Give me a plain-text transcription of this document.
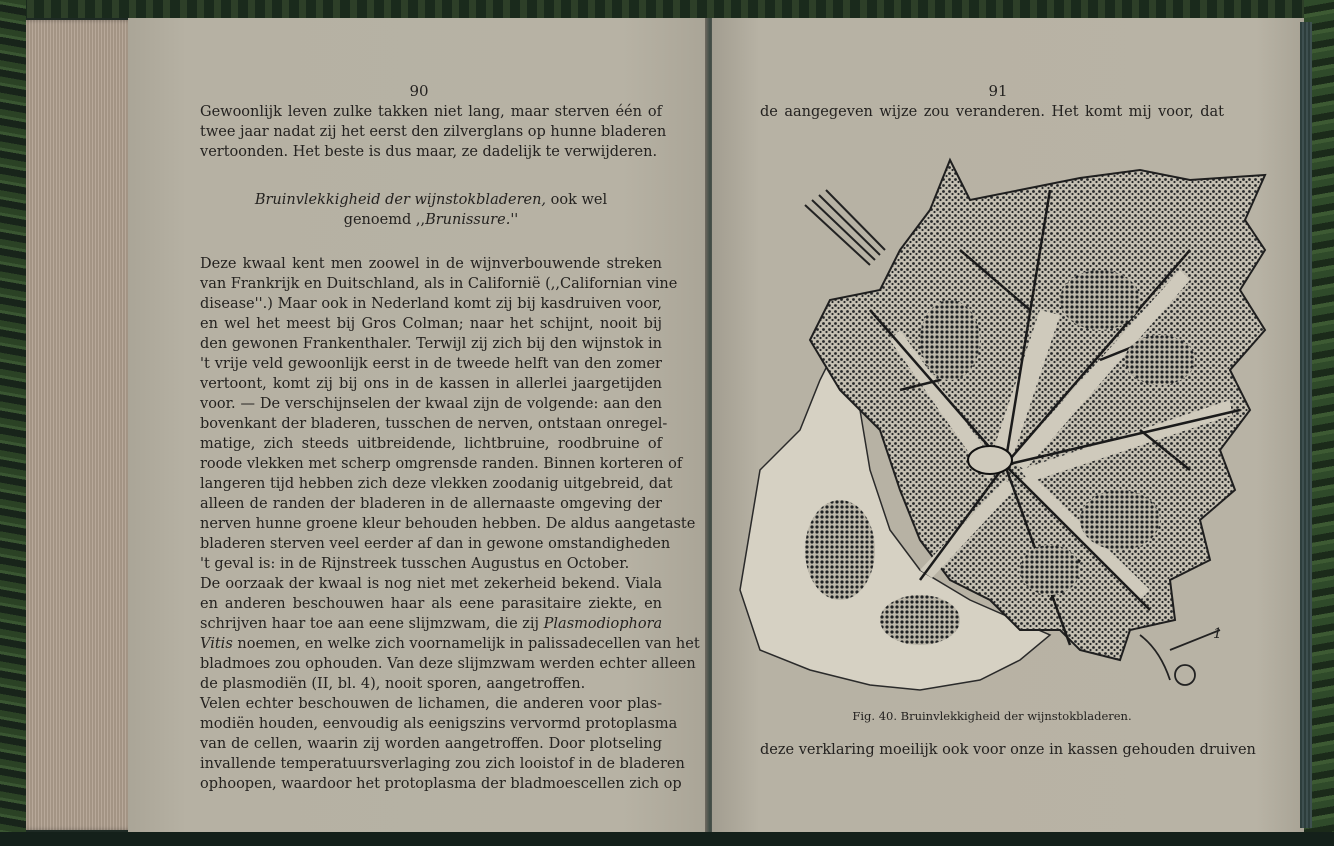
90
Gewoonlijk leven zulke takken niet lang, maar sterven één of
twee jaar nadat zij het eerst den zilverglans op hunne bladeren
vertoonden. Het beste is dus maar, ze dadelijk te verwijderen.
Bruinvlekkigheid der wijnstokbladeren, ook wel
genoemd ,,Brunissure.''
Deze kwaal kent men zoowel in de wijnverbouwende streken
van Frankrijk en Duitschland, als in Californië (,,Californian vine
disease''.) Maar ook in Nederland komt zij bij kasdruiven voor,
en wel het meest bij Gros Colman; naar het schijnt, nooit bij
den gewonen Frankenthaler. Terwijl zij zich bij den wijnstok in
't vrije veld gewoonlijk eerst in de tweede helft van den zomer
vertoont, komt zij bij ons in de kassen in allerlei jaargetijden
voor. — De verschijnselen der kwaal zijn de volgende: aan den
bovenkant der bladeren, tusschen de nerven, ontstaan onregel-
matige, zich steeds uitbreidende, lichtbruine, roodbruine of
roode vlekken met scherp omgrensde randen. Binnen korteren of
langeren tijd hebben zich deze vlekken zoodanig uitgebreid, dat
alleen de randen der bladeren in de allernaaste omgeving der
nerven hunne groene kleur behouden hebben. De aldus aangetaste
bladeren sterven veel eerder af dan in gewone omstandigheden
't geval is: in de Rijnstreek tusschen Augustus en October.
De oorzaak der kwaal is nog niet met zekerheid bekend. Viala
en anderen beschouwen haar als eene parasitaire ziekte, en
schrijven haar toe aan eene slijmzwam, die zij Plasmodiophora
Vitis noemen, en welke zich voornamelijk in palissadecellen van het
bladmoes zou ophouden. Van deze slijmzwam werden echter alleen
de plasmodiën (II, bl. 4), nooit sporen, aangetroffen.
Velen echter beschouwen de lichamen, die anderen voor plas-
modiën houden, eenvoudig als eenigszins vervormd protoplasma
van de cellen, waarin zij worden aangetroffen. Door plotseling
invallende temperatuursverlaging zou zich looistof in de bladeren
ophoopen, waardoor het protoplasma der bladmoescellen zich op
91
de aangegeven wijze zou veranderen. Het komt mij voor, dat
1
Fig. 40. Bruinvlekkigheid der wijnstokbladeren.
deze verklaring moeilijk ook voor onze in kassen gehouden druiven
